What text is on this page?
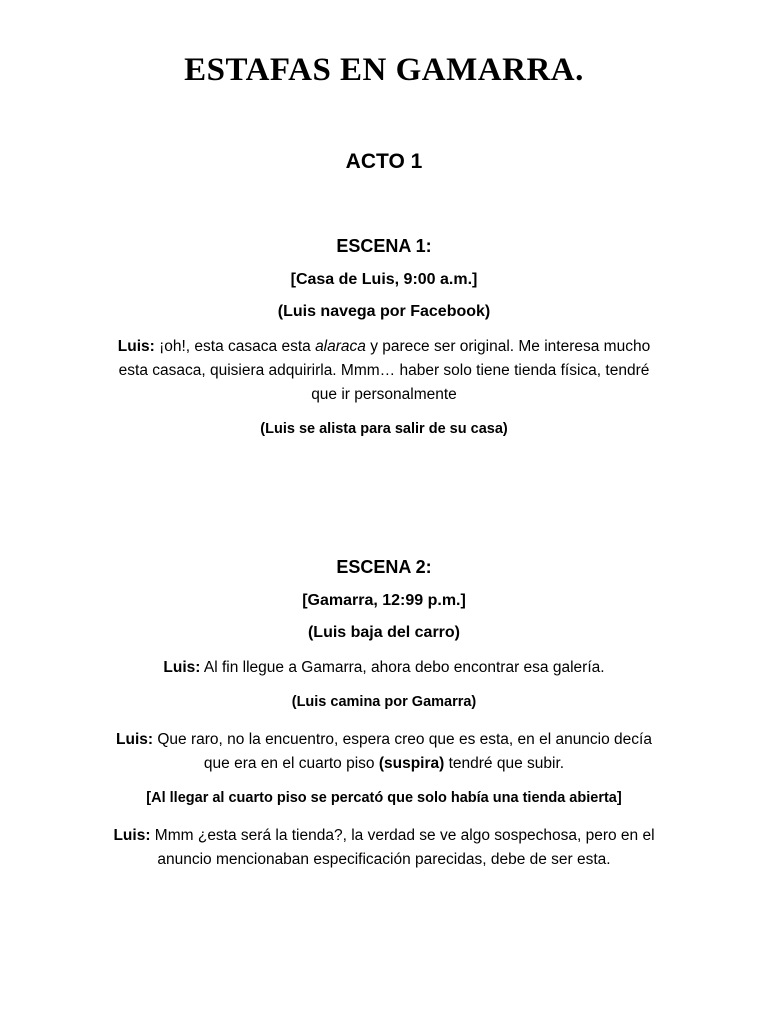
ESTAFAS EN GAMARRA.
ACTO 1

ESCENA 1:

[Casa de Luis, 9:00 a.m.]

(Luis navega por Facebook)

Luis: ¡oh!, esta casaca esta alaraca y parece ser original. Me interesa mucho esta casaca, quisiera adquirirla. Mmm… haber solo tiene tienda física, tendré que ir personalmente

(Luis se alista para salir de su casa)

ESCENA 2:

[Gamarra, 12:99 p.m.]

(Luis baja del carro)

Luis: Al fin llegue a Gamarra, ahora debo encontrar esa galería.

(Luis camina por Gamarra)

Luis: Que raro, no la encuentro, espera creo que es esta, en el anuncio decía que era en el cuarto piso (suspira) tendré que subir.

[Al llegar al cuarto piso se percató que solo había una tienda abierta]

Luis: Mmm ¿esta será la tienda?, la verdad se ve algo sospechosa, pero en el anuncio mencionaban especificación parecidas, debe de ser esta.
